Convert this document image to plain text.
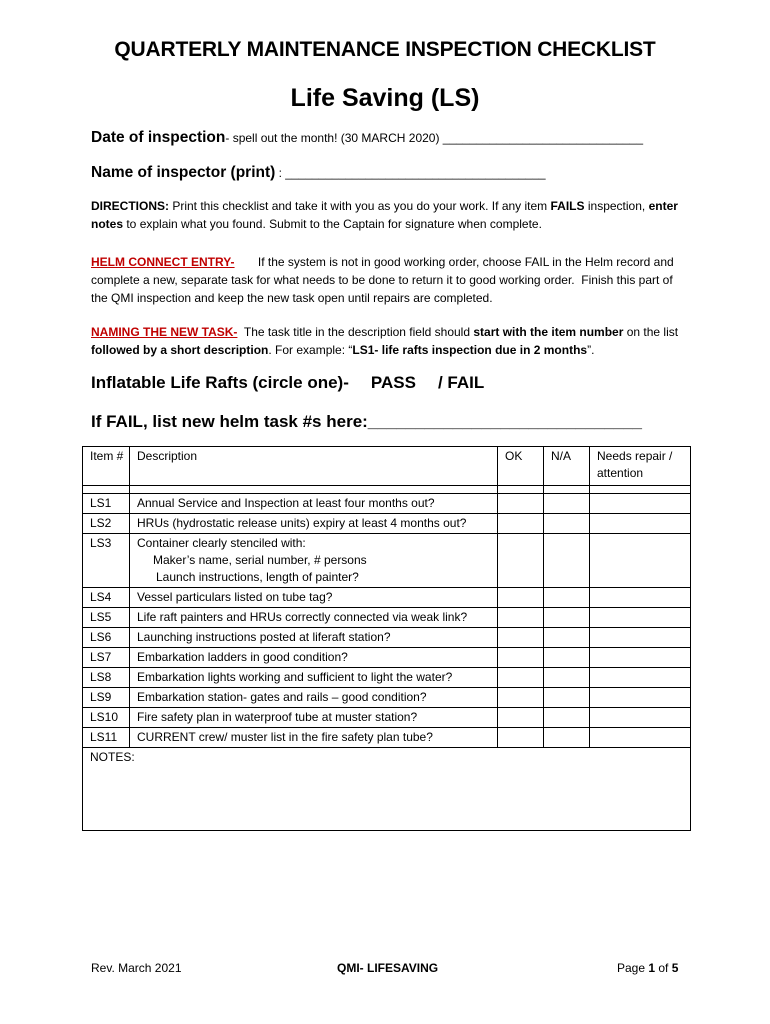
QUARTERLY MAINTENANCE INSPECTION CHECKLIST
Life Saving (LS)
Date of inspection- spell out the month! (30 MARCH 2020) ______________________________
Name of inspector (print) : _______________________________________
DIRECTIONS: Print this checklist and take it with you as you do your work. If any item FAILS inspection, enter notes to explain what you found. Submit to the Captain for signature when complete.
HELM CONNECT ENTRY-       If the system is not in good working order, choose FAIL in the Helm record and complete a new, separate task for what needs to be done to return it to good working order.  Finish this part of the QMI inspection and keep the new task open until repairs are completed.
NAMING THE NEW TASK-  The task title in the description field should start with the item number on the list followed by a short description. For example: “LS1- life rafts inspection due in 2 months”.
Inflatable Life Rafts (circle one)- PASS / FAIL
If FAIL, list new helm task #s here:_____________________________
Item #	Description	OK	N/A	Needs repair / attention

LS1	Annual Service and Inspection at least four months out?			
LS2	HRUs (hydrostatic release units) expiry at least 4 months out?			
LS3	Container clearly stenciled with:
Maker’s name, serial number, # persons
Launch instructions, length of painter?			

LS4	Vessel particulars listed on tube tag?			
LS5	Life raft painters and HRUs correctly connected via weak link?			
LS6	Launching instructions posted at liferaft station?			
LS7	Embarkation ladders in good condition?			
LS8	Embarkation lights working and sufficient to light the water?			
LS9	Embarkation station- gates and rails – good condition?			
LS10	Fire safety plan in waterproof tube at muster station?			
LS11	CURRENT crew/ muster list in the fire safety plan tube?			
NOTES:				
Rev. March 2021	QMI- LIFESAVING	Page 1 of 5
